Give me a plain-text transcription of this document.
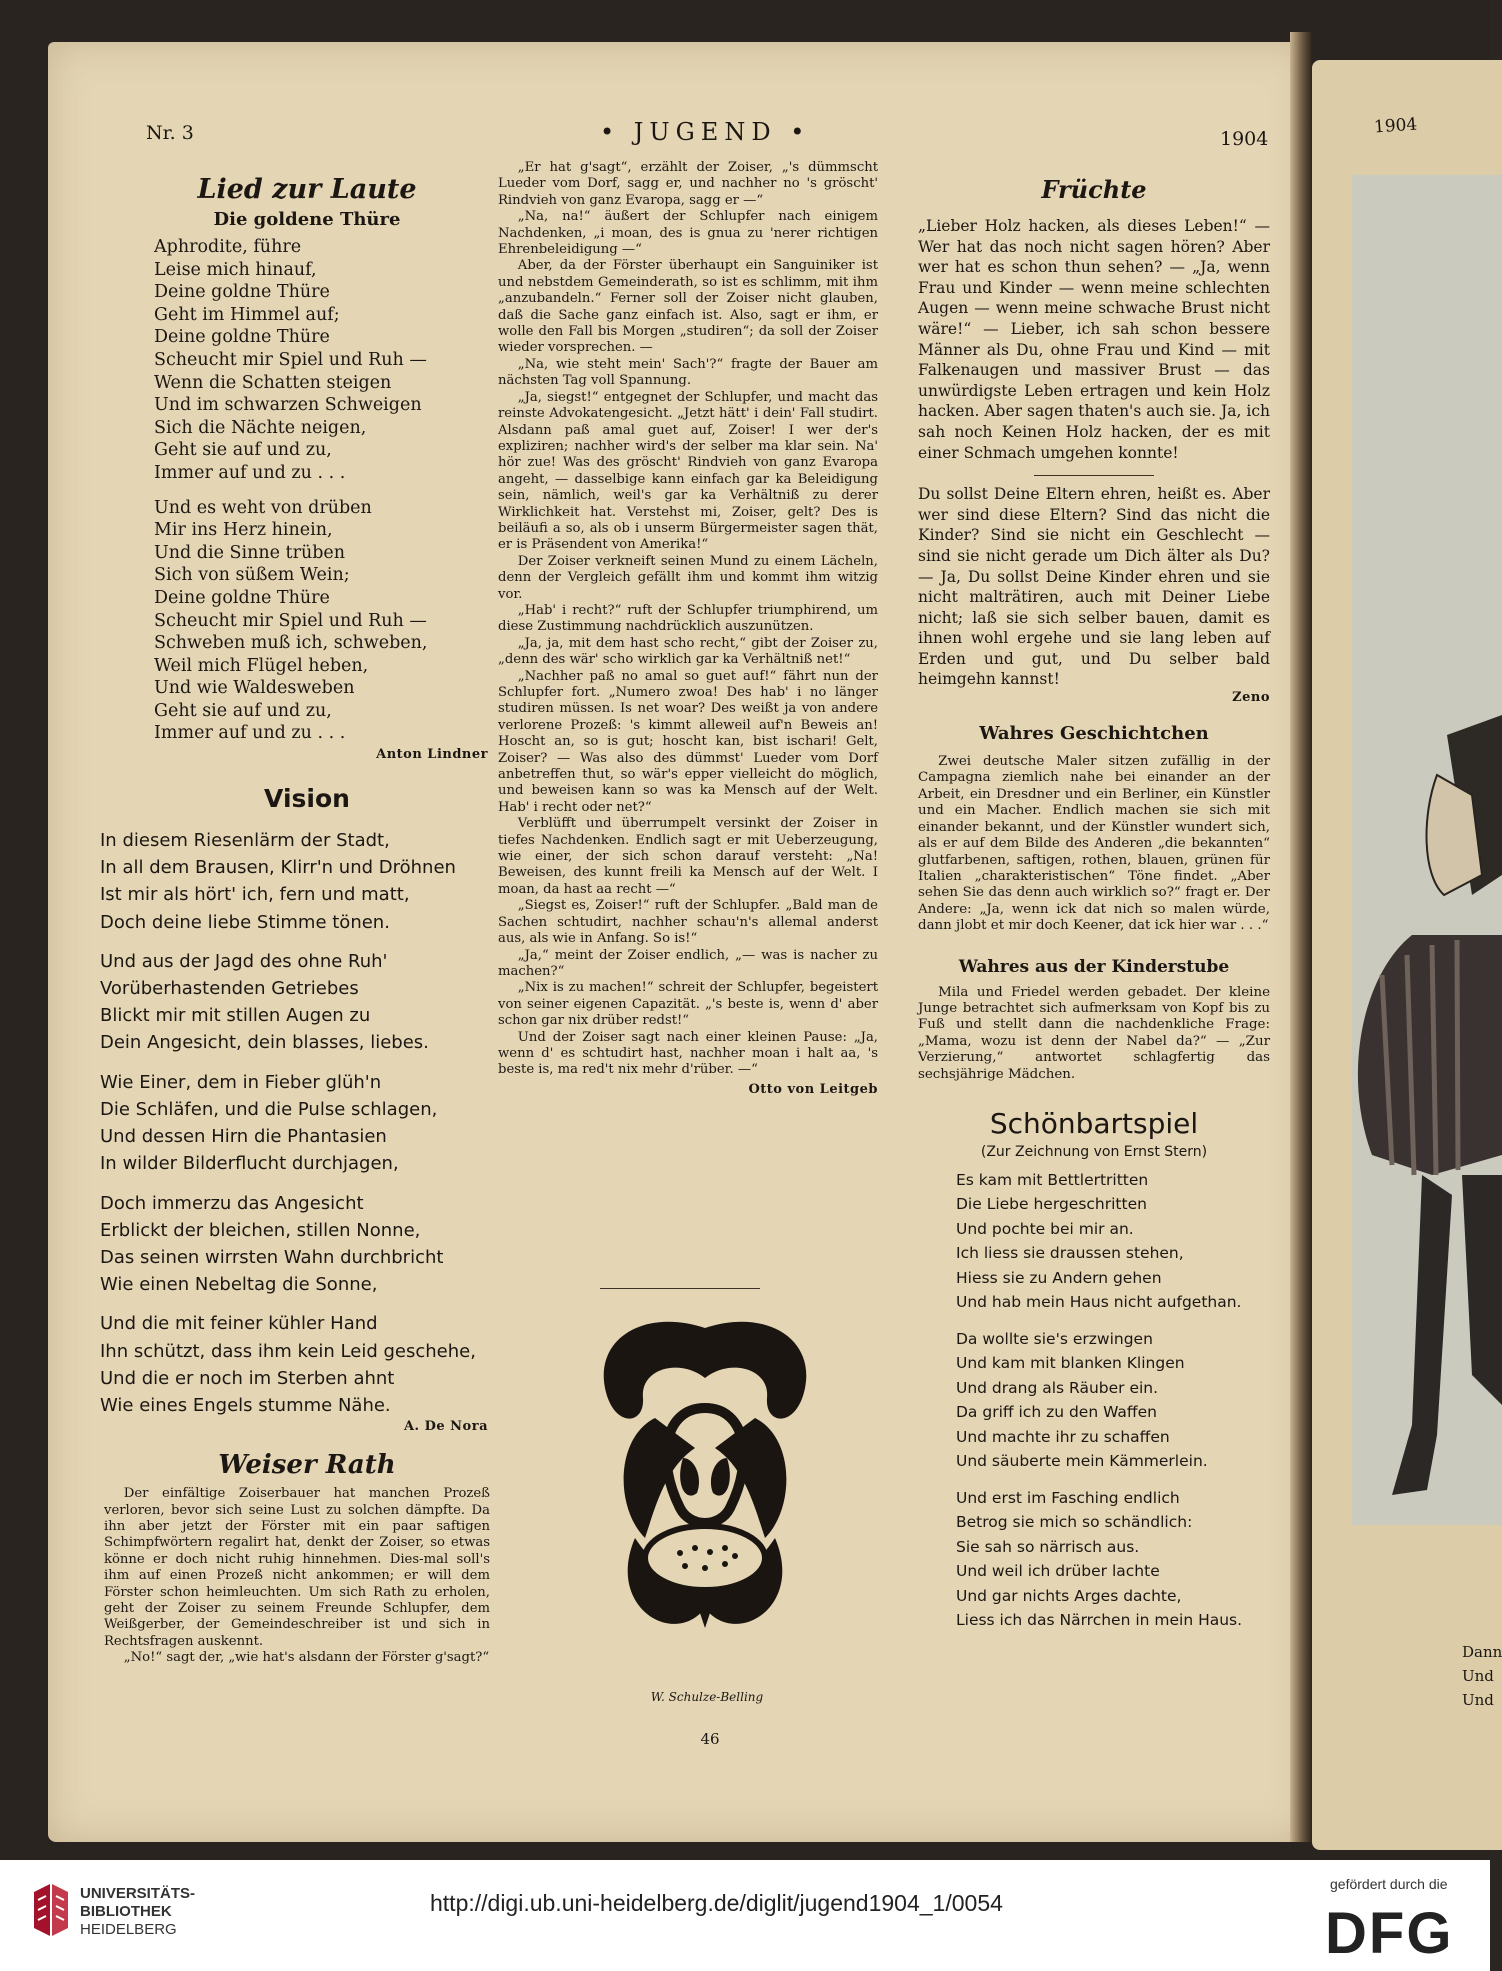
1904
Dann
Und
Und
Nr. 3	• JUGEND •	1904
Lied zur Laute
Die goldene Thüre
Aphrodite, führe
Leise mich hinauf,
Deine goldne Thüre
Geht im Himmel auf;
Deine goldne Thüre
Scheucht mir Spiel und Ruh —
Wenn die Schatten steigen
Und im schwarzen Schweigen
Sich die Nächte neigen,
Geht sie auf und zu,
Immer auf und zu . . .
Und es weht von drüben
Mir ins Herz hinein,
Und die Sinne trüben
Sich von süßem Wein;
Deine goldne Thüre
Scheucht mir Spiel und Ruh —
Schweben muß ich, schweben,
Weil mich Flügel heben,
Und wie Waldesweben
Geht sie auf und zu,
Immer auf und zu . . .
Anton Lindner
Vision
In diesem Riesenlärm der Stadt,
In all dem Brausen, Klirr'n und Dröhnen
Ist mir als hört' ich, fern und matt,
Doch deine liebe Stimme tönen.
Und aus der Jagd des ohne Ruh'
Vorüberhastenden Getriebes
Blickt mir mit stillen Augen zu
Dein Angesicht, dein blasses, liebes.
Wie Einer, dem in Fieber glüh'n
Die Schläfen, und die Pulse schlagen,
Und dessen Hirn die Phantasien
In wilder Bilderflucht durchjagen,
Doch immerzu das Angesicht
Erblickt der bleichen, stillen Nonne,
Das seinen wirrsten Wahn durchbricht
Wie einen Nebeltag die Sonne,
Und die mit feiner kühler Hand
Ihn schützt, dass ihm kein Leid geschehe,
Und die er noch im Sterben ahnt
Wie eines Engels stumme Nähe.
A. De Nora
Weiser Rath

Der einfältige Zoiserbauer hat manchen Prozeß verloren, bevor sich seine Lust zu solchen dämpfte. Da ihn aber jetzt der Förster mit ein paar saftigen Schimpfwörtern regalirt hat, denkt der Zoiser, so etwas könne er doch nicht ruhig hinnehmen. Dies-mal soll's ihm auf einen Prozeß nicht ankommen; er will dem Förster schon heimleuchten. Um sich Rath zu erholen, geht der Zoiser zu seinem Freunde Schlupfer, dem Weißgerber, der Gemeindeschreiber ist und sich in Rechtsfragen auskennt.

„No!“ sagt der, „wie hat's alsdann der Förster g'sagt?“

„Er hat g'sagt“, erzählt der Zoiser, „'s dümmscht Lueder vom Dorf, sagg er, und nachher no 's gröscht' Rindvieh von ganz Evaropa, sagg er —“

„Na, na!“ äußert der Schlupfer nach einigem Nachdenken, „i moan, des is gnua zu 'nerer richtigen Ehrenbeleidigung —“

Aber, da der Förster überhaupt ein Sanguiniker ist und nebstdem Gemeinderath, so ist es schlimm, mit ihm „anzubandeln.“ Ferner soll der Zoiser nicht glauben, daß die Sache ganz einfach ist. Also, sagt er ihm, er wolle den Fall bis Morgen „studiren“; da soll der Zoiser wieder vorsprechen. —

„Na, wie steht mein' Sach'?“ fragte der Bauer am nächsten Tag voll Spannung.

„Ja, siegst!“ entgegnet der Schlupfer, und macht das reinste Advokatengesicht. „Jetzt hätt' i dein' Fall studirt. Alsdann paß amal guet auf, Zoiser! I wer der's expliziren; nachher wird's der selber ma klar sein. Na' hör zue! Was des gröscht' Rindvieh von ganz Evaropa angeht, — dasselbige kann einfach gar ka Beleidigung sein, nämlich, weil's gar ka Verhältniß zu derer Wirklichkeit hat. Verstehst mi, Zoiser, gelt? Des is beiläufi a so, als ob i unserm Bürgermeister sagen thät, er is Präsendent von Amerika!“

Der Zoiser verkneift seinen Mund zu einem Lächeln, denn der Vergleich gefällt ihm und kommt ihm witzig vor.

„Hab' i recht?“ ruft der Schlupfer triumphirend, um diese Zustimmung nachdrücklich auszunützen.

„Ja, ja, mit dem hast scho recht,“ gibt der Zoiser zu, „denn des wär' scho wirklich gar ka Verhältniß net!“

„Nachher paß no amal so guet auf!“ fährt nun der Schlupfer fort. „Numero zwoa! Des hab' i no länger studiren müssen. Is net woar? Des weißt ja von andere verlorene Prozeß: 's kimmt alleweil auf'n Beweis an! Hoscht an, so is gut; hoscht kan, bist ischari! Gelt, Zoiser? — Was also des dümmst' Lueder vom Dorf anbetreffen thut, so wär's epper vielleicht do möglich, und beweisen kann so was ka Mensch auf der Welt. Hab' i recht oder net?“

Verblüfft und überrumpelt versinkt der Zoiser in tiefes Nachdenken. Endlich sagt er mit Ueberzeugung, wie einer, der sich schon darauf versteht: „Na! Beweisen, des kunnt freili ka Mensch auf der Welt. I moan, da hast aa recht —“

„Siegst es, Zoiser!“ ruft der Schlupfer. „Bald man de Sachen schtudirt, nachher schau'n's allemal anderst aus, als wie in Anfang. So is!“

„Ja,“ meint der Zoiser endlich, „— was is nacher zu machen?“

„Nix is zu machen!“ schreit der Schlupfer, begeistert von seiner eigenen Capazität. „'s beste is, wenn d' aber schon gar nix drüber redst!“

Und der Zoiser sagt nach einer kleinen Pause: „Ja, wenn d' es schtudirt hast, nachher moan i halt aa, 's beste is, ma red't nix mehr d'rüber. —“

Otto von Leitgeb
W. Schulze-Belling
46
Früchte

„Lieber Holz hacken, als dieses Leben!“ — Wer hat das noch nicht sagen hören? Aber wer hat es schon thun sehen? — „Ja, wenn Frau und Kinder — wenn meine schlechten Augen — wenn meine schwache Brust nicht wäre!“ — Lieber, ich sah schon bessere Männer als Du, ohne Frau und Kind — mit Falkenaugen und massiver Brust — das unwürdigste Leben ertragen und kein Holz hacken. Aber sagen thaten's auch sie. Ja, ich sah noch Keinen Holz hacken, der es mit einer Schmach umgehen konnte!

Du sollst Deine Eltern ehren, heißt es. Aber wer sind diese Eltern? Sind das nicht die Kinder? Sind sie nicht ein Geschlecht — sind sie nicht gerade um Dich älter als Du? — Ja, Du sollst Deine Kinder ehren und sie nicht malträtiren, auch mit Deiner Liebe nicht; laß sie sich selber bauen, damit es ihnen wohl ergehe und sie lang leben auf Erden und gut, und Du selber bald heimgehn kannst!

Zeno
Wahres Geschichtchen

Zwei deutsche Maler sitzen zufällig in der Campagna ziemlich nahe bei einander an der Arbeit, ein Dresdner und ein Berliner, ein Künstler und ein Macher. Endlich machen sie sich mit einander bekannt, und der Künstler wundert sich, als er auf dem Bilde des Anderen „die bekannten“ glutfarbenen, saftigen, rothen, blauen, grünen für Italien „charakteristischen“ Töne findet. „Aber sehen Sie das denn auch wirklich so?“ fragt er. Der Andere: „Ja, wenn ick dat nich so malen würde, dann jlobt et mir doch Keener, dat ick hier war . . .“

Wahres aus der Kinderstube

Mila und Friedel werden gebadet. Der kleine Junge betrachtet sich aufmerksam von Kopf bis zu Fuß und stellt dann die nachdenkliche Frage: „Mama, wozu ist denn der Nabel da?“ — „Zur Verzierung,“ antwortet schlagfertig das sechsjährige Mädchen.

Schönbartspiel
(Zur Zeichnung von Ernst Stern)
Es kam mit Bettlertritten
Die Liebe hergeschritten
Und pochte bei mir an.
Ich liess sie draussen stehen,
Hiess sie zu Andern gehen
Und hab mein Haus nicht aufgethan.
Da wollte sie's erzwingen
Und kam mit blanken Klingen
Und drang als Räuber ein.
Da griff ich zu den Waffen
Und machte ihr zu schaffen
Und säuberte mein Kämmerlein.
Und erst im Fasching endlich
Betrog sie mich so schändlich:
Sie sah so närrisch aus.
Und weil ich drüber lachte
Und gar nichts Arges dachte,
Liess ich das Närrchen in mein Haus.
UNIVERSITÄTS-
BIBLIOTHEK
HEIDELBERG
http://digi.ub.uni-heidelberg.de/diglit/jugend1904_1/0054
gefördert durch die
DFG
